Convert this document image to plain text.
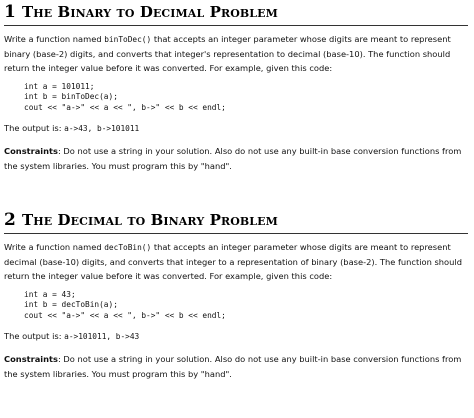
1 The Binary to Decimal Problem

Write a function named binToDec() that accepts an integer parameter whose digits are meant to represent binary (base-2) digits, and converts that integer's representation to decimal (base-10). The function should return the integer value before it was converted. For example, given this code:

int a = 101011;
int b = binToDec(a);
cout << "a->" << a << ", b->" << b << endl;

The output is: a->43, b->101011

Constraints: Do not use a string in your solution. Also do not use any built-in base conversion functions from the system libraries. You must program this by "hand".

2 The Decimal to Binary Problem

Write a function named decToBin() that accepts an integer parameter whose digits are meant to represent decimal (base-10) digits, and converts that integer to a representation of binary (base-2). The function should return the integer value before it was converted. For example, given this code:

int a = 43;
int b = decToBin(a);
cout << "a->" << a << ", b->" << b << endl;

The output is: a->101011, b->43

Constraints: Do not use a string in your solution. Also do not use any built-in base conversion functions from the system libraries. You must program this by "hand".
